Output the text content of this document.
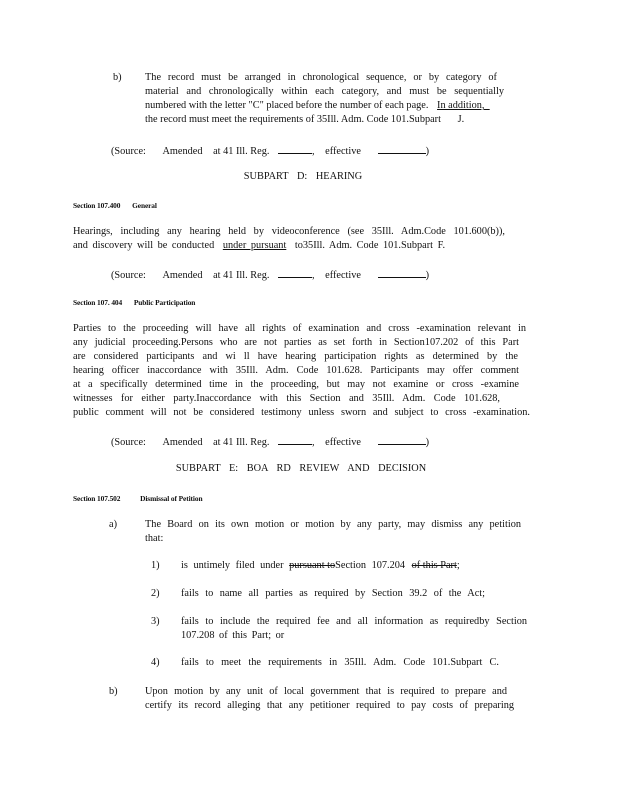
b) The record must be arranged in chronological sequence, or by category of
material and chronologically within each category, and must be sequentially
numbered with the letter "C" placed before the number of each page. In addition,
the record must meet the requirements of 35Ill. Adm. Code 101.Subpart J.
(Source: Amended at 41 Ill. Reg.	, effective	)
SUBPART D: HEARING
Section 107.400 General
Hearings, including any hearing held by videoconference (see 35Ill. Adm.Code 101.600(b)),
and discovery will be conducted under pursuant to35Ill. Adm. Code 101.Subpart F.
(Source: Amended at 41 Ill. Reg.	, effective	)
Section 107. 404 Public Participation
Parties to the proceeding will have all rights of examination and cross -examination relevant in
any judicial proceeding.Persons who are not parties as set forth in Section107.202 of this Part
are considered participants and wi ll have hearing participation rights as determined by the
hearing officer inaccordance with 35Ill. Adm. Code 101.628. Participants may offer comment
at a specifically determined time in the proceeding, but may not examine or cross -examine
witnesses for either party.Inaccordance with this Section and 35Ill. Adm. Code 101.628,
public comment will not be considered testimony unless sworn and subject to cross -examination.
(Source: Amended at 41 Ill. Reg.	, effective	)
SUBPART E: BOA RD REVIEW AND DECISION
Section 107.502	Dismissal of Petition
a)	The Board on its own motion or motion by any party, may dismiss any petition
that:
1) is untimely filed under pursuant toSection 107.204 of this Part;
2) fails to name all parties as required by Section 39.2 of the Act;
3) fails to include the required fee and all information as requiredby Section
107.208 of this Part; or
4) fails to meet the requirements in 35Ill. Adm. Code 101.Subpart C.
b)	Upon motion by any unit of local government that is required to prepare and
certify its record alleging that any petitioner required to pay costs of preparing
